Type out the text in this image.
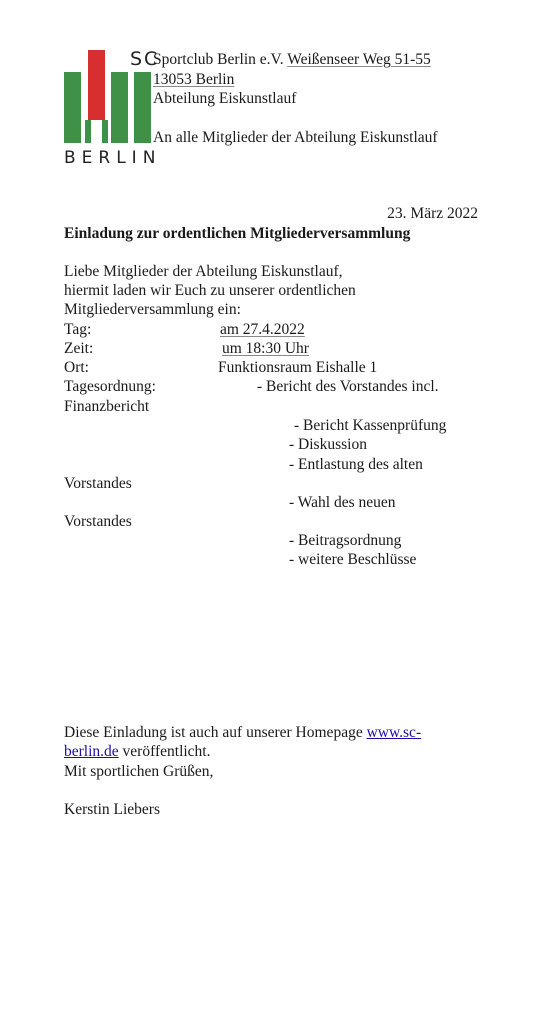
SC
BERLIN
Sportclub Berlin e.V. Weißenseer Weg 51-55
13053 Berlin
Abteilung Eiskunstlauf
An alle Mitglieder der Abteilung Eiskunstlauf
23. März 2022
Einladung zur ordentlichen Mitgliederversammlung
Liebe Mitglieder der Abteilung Eiskunstlauf,
hiermit laden wir Euch zu unserer ordentlichen
Mitgliederversammlung ein:
Tag:	am 27.4.2022
Zeit:	um 18:30 Uhr
Ort:	Funktionsraum Eishalle 1
Tagesordnung:	- Bericht des Vorstandes incl.
Finanzbericht
- Bericht Kassenprüfung
- Diskussion
- Entlastung des alten
Vorstandes
- Wahl des neuen
Vorstandes
- Beitragsordnung
- weitere Beschlüsse
Diese Einladung ist auch auf unserer Homepage www.sc-
berlin.de veröffentlicht.
Mit sportlichen Grüßen,
Kerstin Liebers
